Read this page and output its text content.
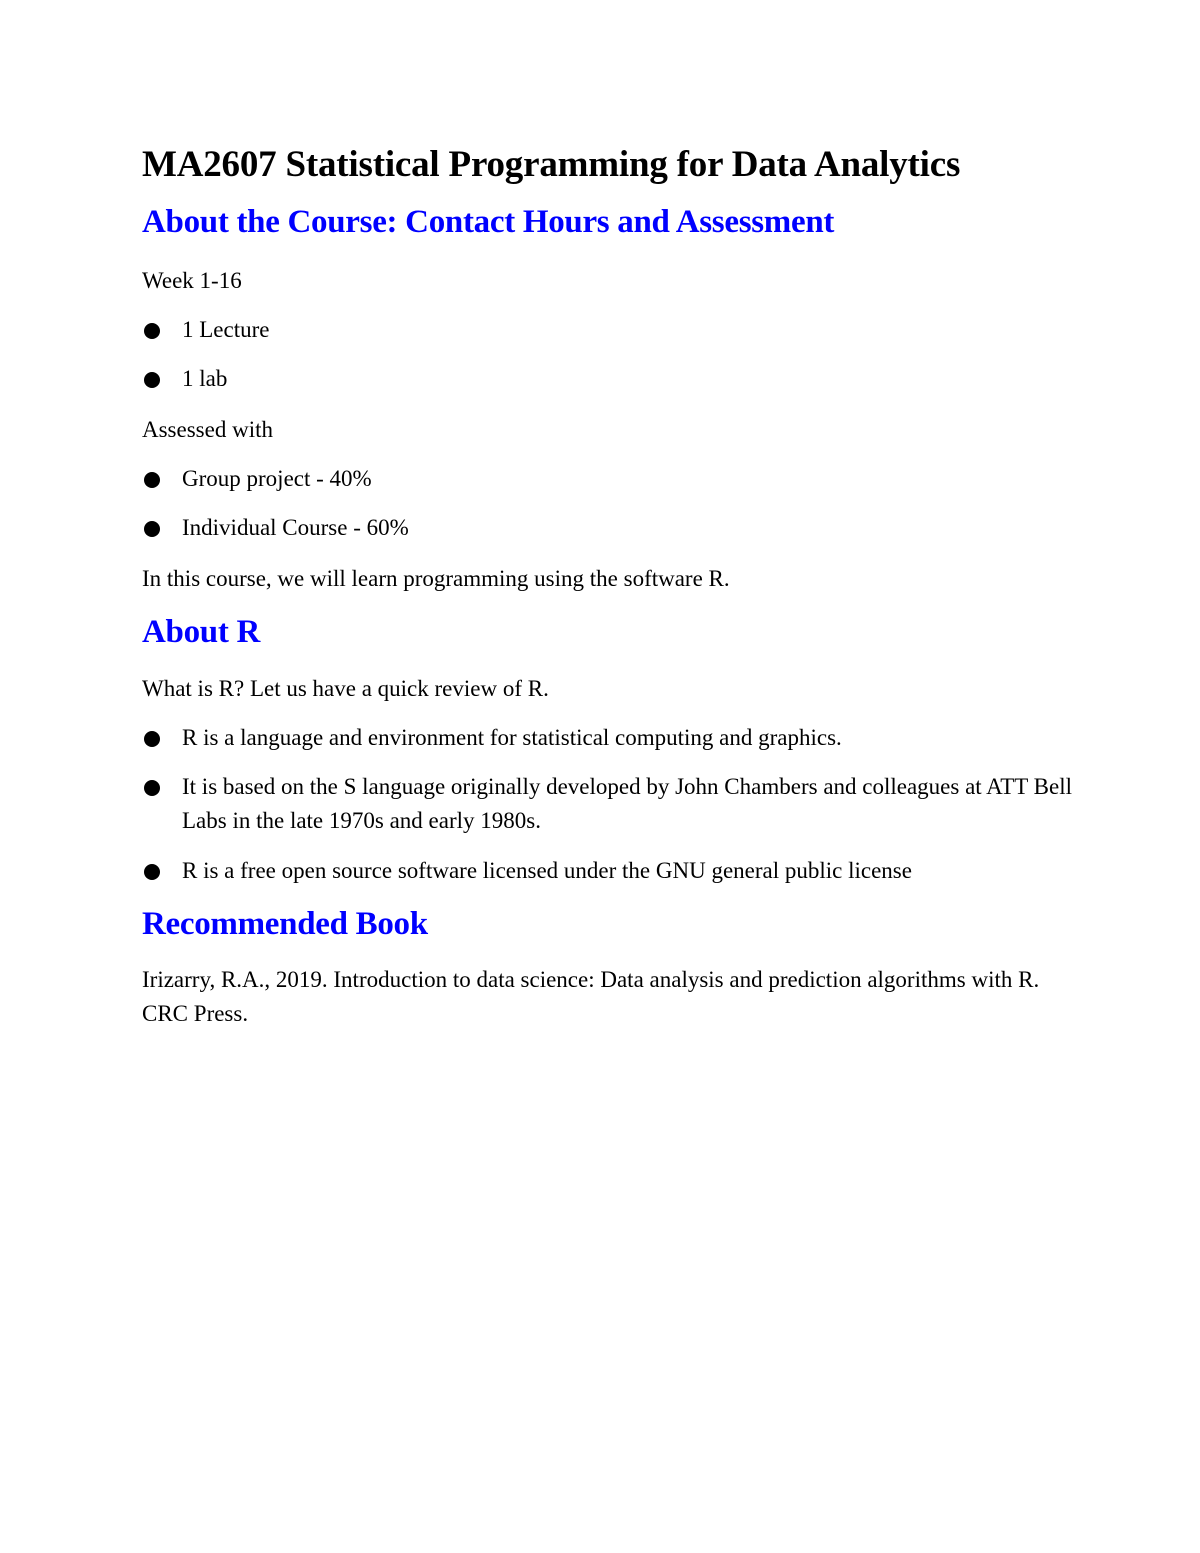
MA2607 Statistical Programming for Data Analytics
About the Course: Contact Hours and Assessment

Week 1-16

1 Lecture
1 lab

Assessed with

Group project - 40%
Individual Course - 60%

In this course, we will learn programming using the software R.

About R

What is R? Let us have a quick review of R.

R is a language and environment for statistical computing and graphics.
It is based on the S language originally developed by John Chambers and colleagues at ATT Bell Labs in the late 1970s and early 1980s.
R is a free open source software licensed under the GNU general public license
Recommended Book

Irizarry, R.A., 2019. Introduction to data science: Data analysis and prediction algorithms with R. CRC Press.
